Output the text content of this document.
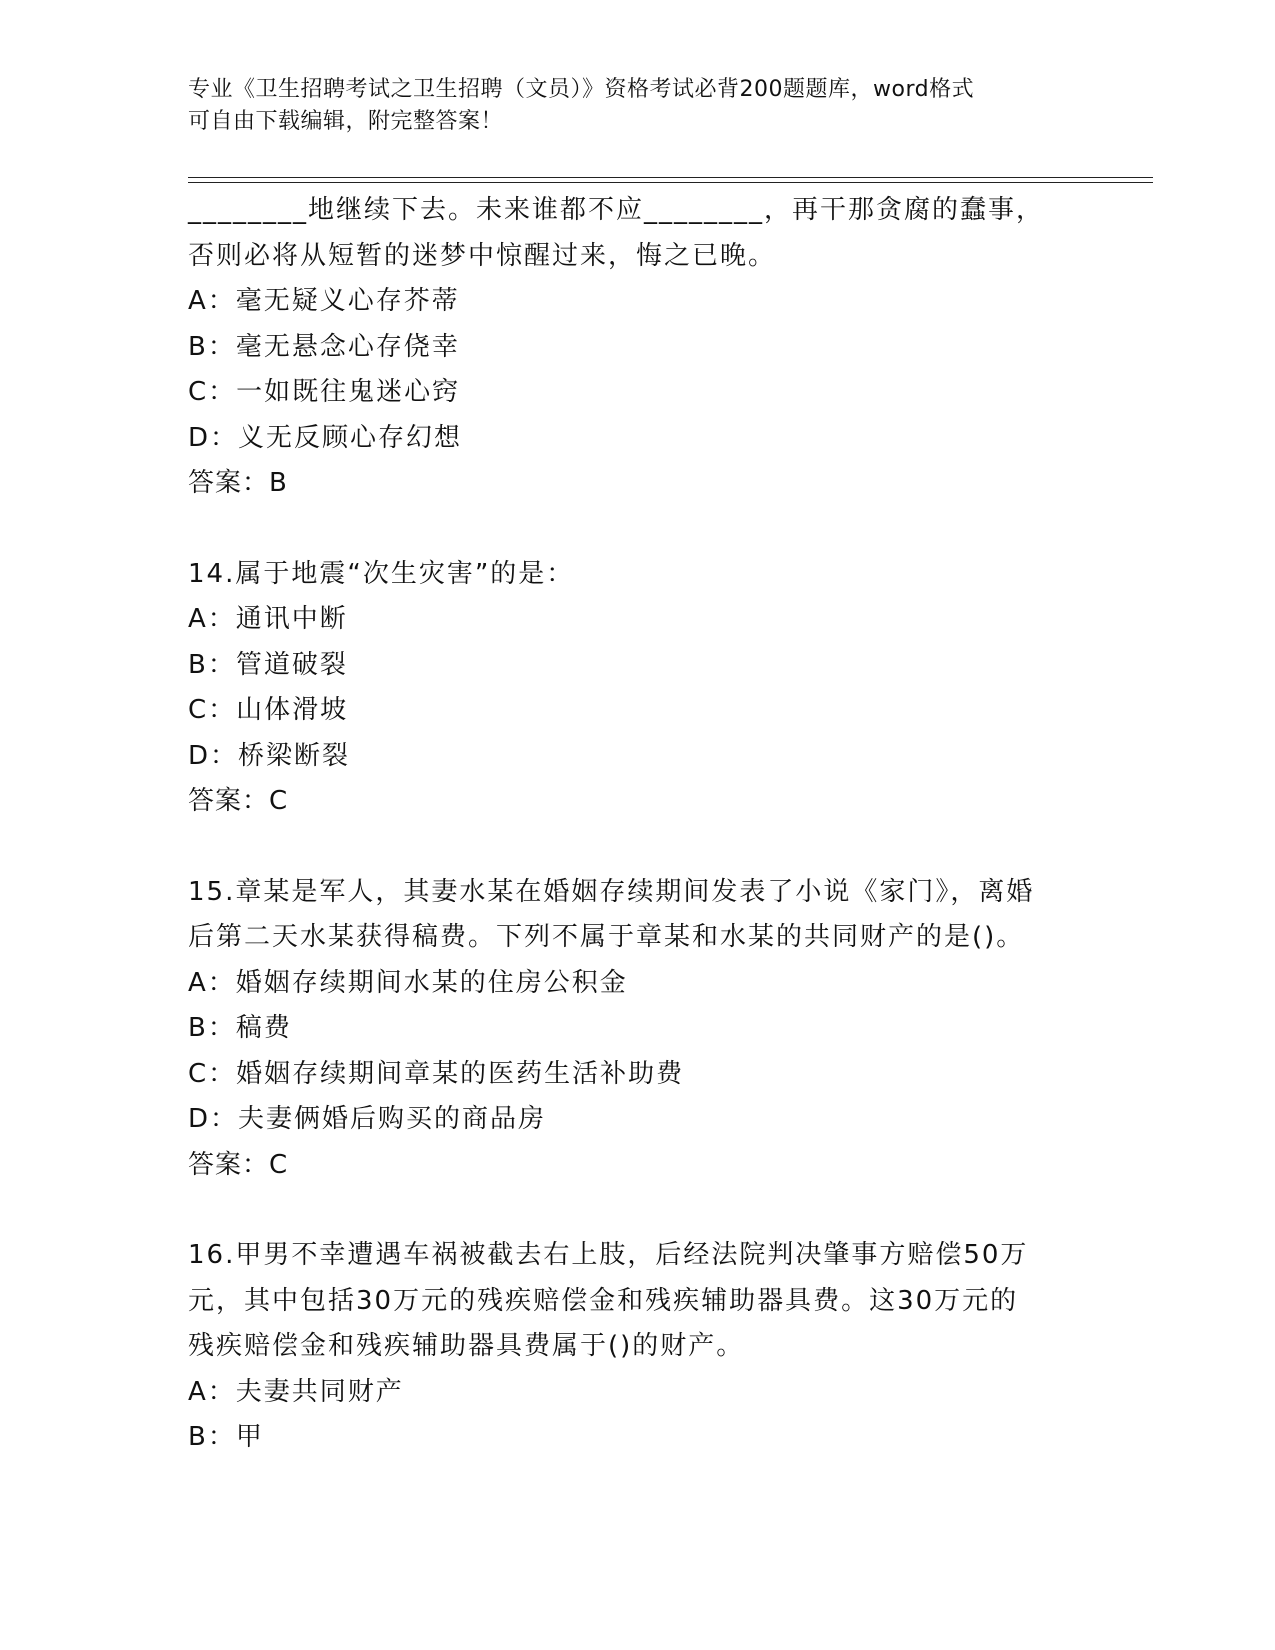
专业《卫生招聘考试之卫生招聘（文员）》资格考试必背200题题库，word格式
可自由下载编辑，附完整答案！
________地继续下去。未来谁都不应________，再干那贪腐的蠢事，
否则必将从短暂的迷梦中惊醒过来，悔之已晚。
A：毫无疑义心存芥蒂
B：毫无悬念心存侥幸
C：一如既往鬼迷心窍
D：义无反顾心存幻想
答案：B
14.属于地震“次生灾害”的是：
A：通讯中断
B：管道破裂
C：山体滑坡
D：桥梁断裂
答案：C
15.章某是军人，其妻水某在婚姻存续期间发表了小说《家门》，离婚
后第二天水某获得稿费。下列不属于章某和水某的共同财产的是()。
A：婚姻存续期间水某的住房公积金
B：稿费
C：婚姻存续期间章某的医药生活补助费
D：夫妻俩婚后购买的商品房
答案：C
16.甲男不幸遭遇车祸被截去右上肢，后经法院判决肇事方赔偿50万
元，其中包括30万元的残疾赔偿金和残疾辅助器具费。这30万元的
残疾赔偿金和残疾辅助器具费属于()的财产。
A：夫妻共同财产
B：甲
